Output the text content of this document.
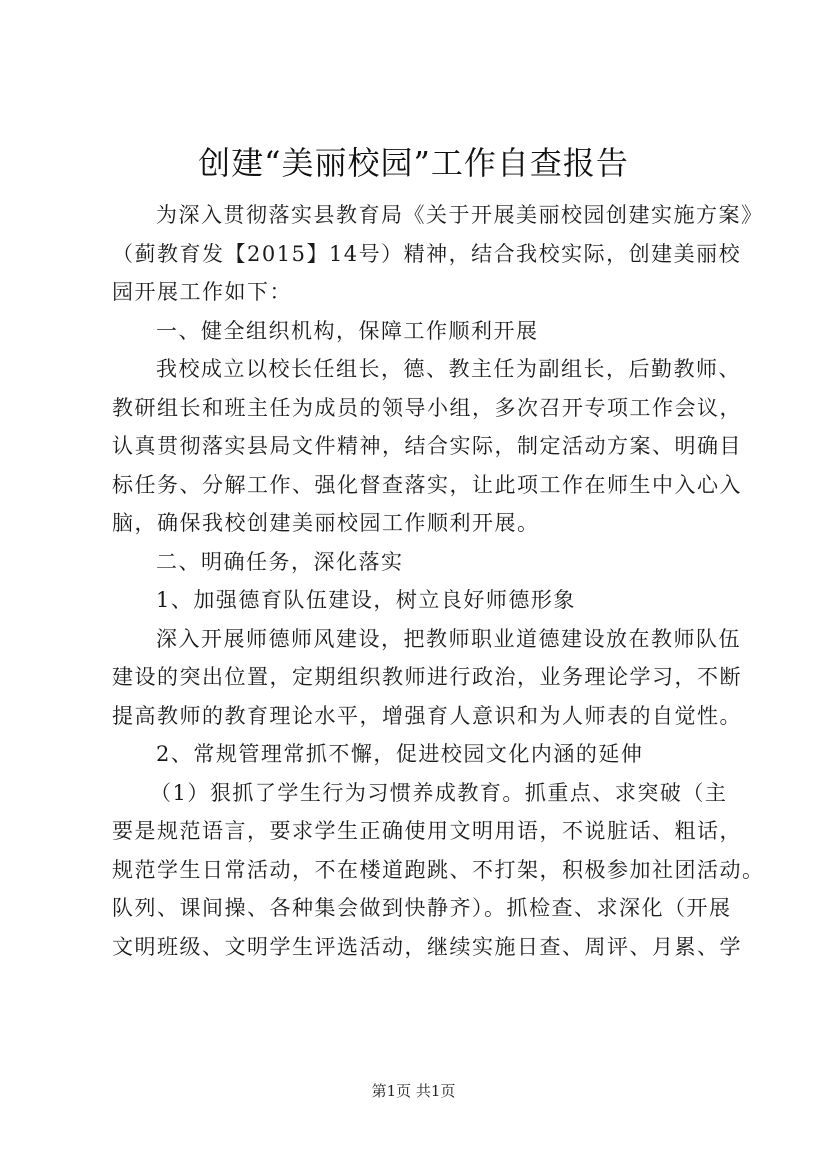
创建“美丽校园”工作自查报告
为深入贯彻落实县教育局《关于开展美丽校园创建实施方案》
（蓟教育发【2015】14号）精神，结合我校实际，创建美丽校
园开展工作如下：
一、健全组织机构，保障工作顺利开展
我校成立以校长任组长，德、教主任为副组长，后勤教师、
教研组长和班主任为成员的领导小组，多次召开专项工作会议，
认真贯彻落实县局文件精神，结合实际，制定活动方案、明确目
标任务、分解工作、强化督查落实，让此项工作在师生中入心入
脑，确保我校创建美丽校园工作顺利开展。
二、明确任务，深化落实
1、加强德育队伍建设，树立良好师德形象
深入开展师德师风建设，把教师职业道德建设放在教师队伍
建设的突出位置，定期组织教师进行政治，业务理论学习，不断
提高教师的教育理论水平，增强育人意识和为人师表的自觉性。
2、常规管理常抓不懈，促进校园文化内涵的延伸
（1）狠抓了学生行为习惯养成教育。抓重点、求突破（主
要是规范语言，要求学生正确使用文明用语，不说脏话、粗话，
规范学生日常活动，不在楼道跑跳、不打架，积极参加社团活动。
队列、课间操、各种集会做到快静齐）。抓检查、求深化（开展
文明班级、文明学生评选活动，继续实施日查、周评、月累、学
第1页 共1页
